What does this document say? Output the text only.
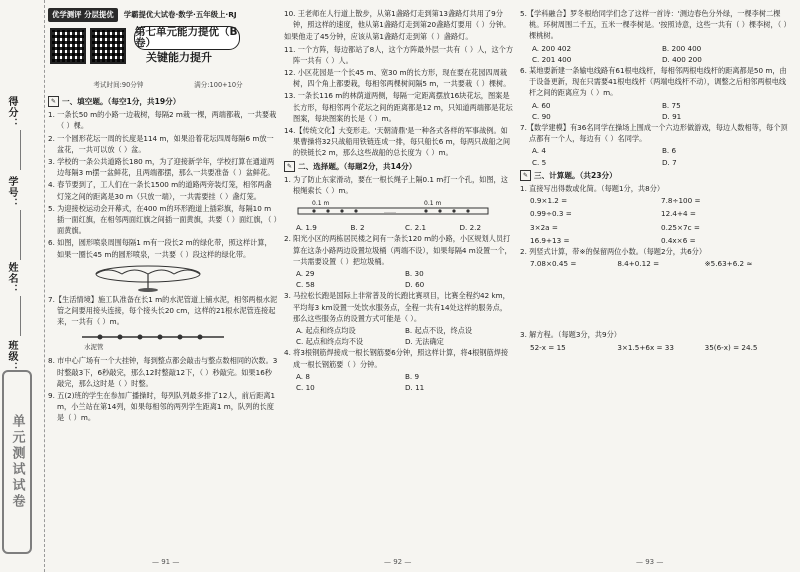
得分：
学号：
姓名：
班级：
单元测试试卷
优学测评 分层提优	学霸提优大试卷·数学·五年级上·RJ
第七单元能力提优（B卷）
关键能力提升
考试时间:90分钟	满分:100+10分
✎ 一、填空题。（每空1分，共19分）
1. 一条长50 m的小路一边栽树，每隔2 m栽一棵，两端都栽，一共要栽（ ）棵。
2. 一个圆形花坛一周的长度是114 m，如果沿着花坛四周每隔6 m放一盆花，一共可以放（ ）盆。
3. 学校的一条公共道路长180 m，为了迎接新学年，学校打算在通道两边每隔3 m摆一盆鲜花，且两端都摆，那么一共要准备（ ）盆鲜花。
4. 春节要到了，工人们在一条长1500 m的道路两旁装灯笼，相邻两盏灯笼之间的距离是30 m（只放一端），一共需要挂（ ）盏灯笼。
5. 为迎接校运动会开幕式，在400 m的环形跑道上插彩旗，每隔10 m插一面红旗，在相邻两面红旗之间插一面黄旗，共要（ ）面红旗，（ ）面黄旗。
6. 如图，圆形喷泉周围每隔1 m有一段长2 m的绿化带，照这样计算，如果一圈长45 m的圆形喷泉，一共要（ ）段这样的绿化带。
7.【生活情境】施工队准备在长1 m的水泥管道上铺水泥，相邻两根水泥管之间要用接头连接，每个接头长20 cm，这样的21根水泥管连接起来，一共有（ ）m。
水泥管
8. 市中心广场有一个大挂钟，每到整点都会敲击与整点数相同的次数。3时整敲3下，6秒敲完，那么12时整敲12下，（ ）秒敲完。如果16秒敲完，那么这时是（ ）时整。
9. 五(2)班的学生在参加广播操时，每列队列最多排了12人，前后距离1 m，小兰站在第14列，如果每相邻的两列学生距离1 m，队列的长度是（ ）m。
10. 王老师在人行道上散步，从第1盏路灯走到第13盏路灯共用了9分钟，照这样的速度，他从第1盏路灯走到第20盏路灯要用（ ）分钟。
如果他走了45分钟，应该从第1盏路灯走到第（ ）盏路灯。
11. 一个方阵，每边都站了8人，这个方阵最外层一共有（ ）人，这个方阵一共有（ ）人。
12. 小区花园是一个长45 m、宽30 m的长方形，现在要在花园四周栽树，四个角上都要栽，每相邻两棵树间隔5 m，一共要栽（ ）棵树。
13. 一条长116 m的林荫道两侧，每隔一定距离摆放16块花坛，图案是长方形，每相邻两个花坛之间的距离都是12 m，只知道两端都是花坛图案，每块图案的长是（ ）m。
14.【传统文化】大变形走。'天朝清鼎'是一种各式各样的军事战例。如果曹操将32只战船用铁链连成一排，每只船长6 m，每两只战船之间的铁链长2 m，那么这些战船的总长度为（ ）m。
✎ 二、选择题。（每题2分，共14分）
1. 为了防止东家滑动，要在一根长绳子上隔0.1 m打一个孔，如图，这根绳索长（ ）m。
……
0.1 m	0.1 m
A. 1.9	B. 2	C. 2.1	D. 2.2
2. 阳光小区的两栋居民楼之间有一条长120 m的小路，小区规划人员打算在这条小路两边设置垃圾桶（两端不设），如果每隔4 m设置一个，一共需要设置（ ）把垃圾桶。
A. 29	B. 30
C. 58	D. 60
3. 马拉松长跑是国际上非常普及的长跑比赛项目，比赛全程约42 km，平均每3 km设置一处饮水服务点，全程一共有14处这样的服务点，那么这些服务点的设置方式可能是（ ）。
A. 起点和终点均设	B. 起点不设，终点设
C. 起点和终点均不设	D. 无法确定
4. 将3根钢筋焊接成一根长钢筋要6分钟，照这样计算，将4根钢筋焊接成一根长钢筋要（ ）分钟。
A. 8	B. 9
C. 10	D. 11
5.【学科融合】罗冬根给同学们念了这样一首诗：'测边春色分外绿，一棵李树二棵桃。环树周围二千五，五米一棵李树是。'按照诗意，这些一共有（ ）棵李树，（ ）棵桃树。
A. 200 402	B. 200 400
C. 201 400	D. 400 200
6. 某地要新建一条输电线路有61根电线杆，每相邻两根电线杆的距离都是50 m，由于设备更新，现在只需要41根电线杆（两端电线杆不动），调整之后相邻两根电线杆之间的距离应为（ ）m。
A. 60	B. 75
C. 90	D. 91
7.【数学建模】有36名同学在操场上围成一个六边形做游戏，每边人数相等，每个顶点都有一个人，每边有（ ）名同学。
A. 4	B. 6
C. 5	D. 7
✎ 三、计算题。（共23分）
1. 直接写出得数或化简。（每题1分，共8分）
0.9×1.2 =	7.8÷100 =
0.99÷0.3 =	12.4+4 =
3×2a =	0.25×7c =
16.9+13 =	0.4x×6 =
2. 列竖式计算，带※的保留两位小数。（每题2分，共6分）
7.08×0.45 =	8.4+0.12 =	※5.63+6.2 ≈
3. 解方程。（每题3分，共9分）
52-x = 15	3×1.5+6x = 33	35(6-x) = 24.5
— 91 —	— 92 —	— 93 —
